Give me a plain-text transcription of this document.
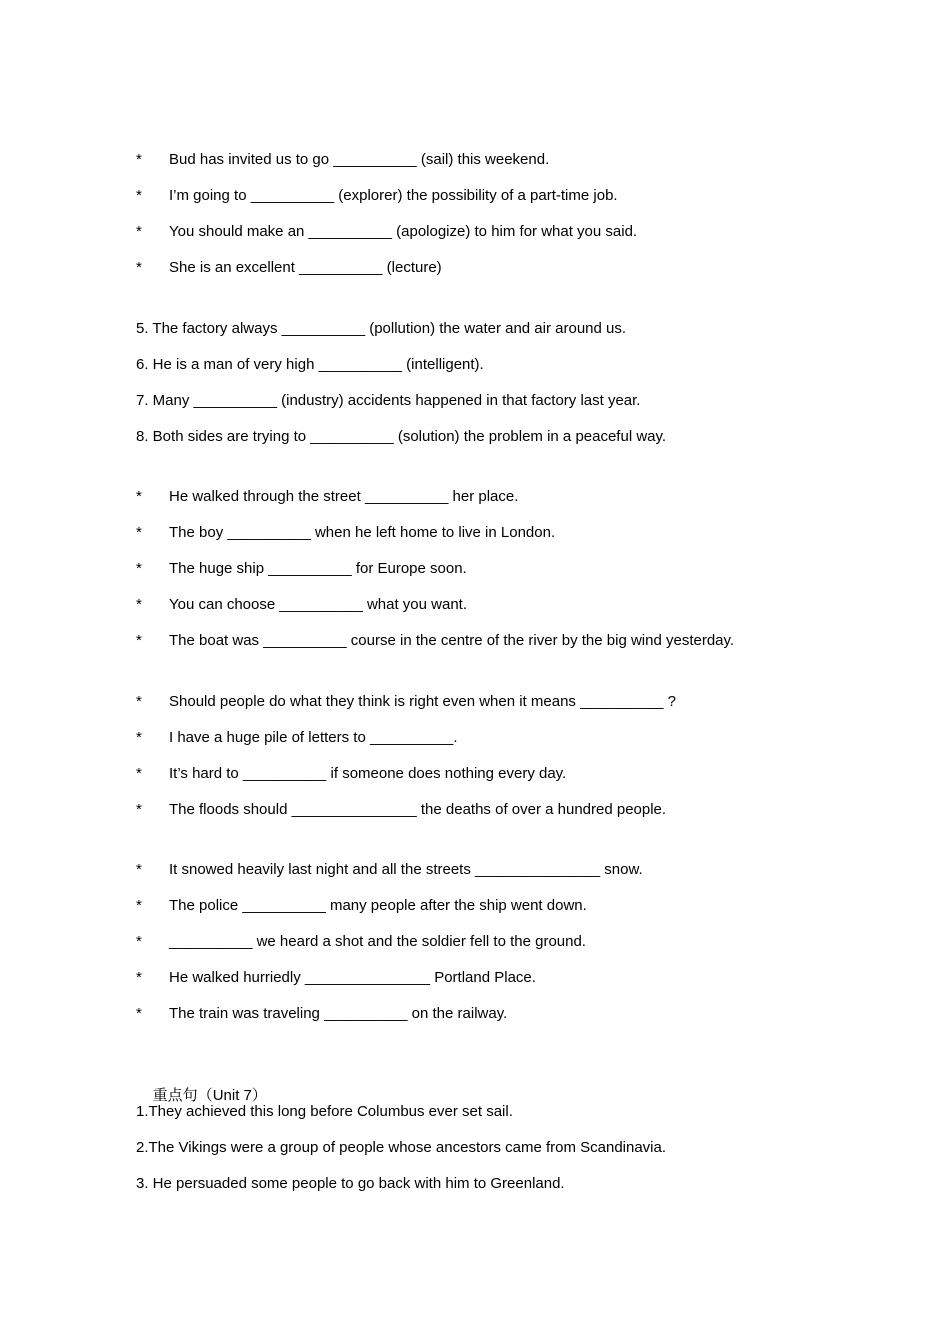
*

	Bud has invited us to go __________ (sail) this weekend.

*

	I’m going to __________ (explorer) the possibility of a part-time job.

*

	You should make an __________ (apologize) to him for what you said.

*

	She is an excellent __________ (lecture)

5. The factory always __________ (pollution) the water and air around us.
6. He is a man of very high __________ (intelligent).
7. Many __________ (industry) accidents happened in that factory last year.
8. Both sides are trying to __________ (solution) the problem in a peaceful way.

*

	He walked through the street __________ her place.

*

	The boy __________ when he left home to live in London.

*

	The huge ship __________ for Europe soon.

*

	You can choose __________ what you want.

*

	The boat was __________ course in the centre of the river by the big wind yesterday.

*

	Should people do what they think is right even when it means __________ ?

*

	I have a huge pile of letters to __________.

*

	It’s hard to __________ if someone does nothing every day.

*

	The floods should _______________ the deaths of over a hundred people.

*

	It snowed heavily last night and all the streets _______________ snow.

*

	The police __________ many people after the ship went down.

*

	__________ we heard a shot and the soldier fell to the ground.

*

	He walked hurriedly _______________ Portland Place.

*

	The train was traveling __________ on the railway.

重点句（Unit 7）

1.They achieved this long before Columbus ever set sail.
2.The Vikings were a group of people whose ancestors came from Scandinavia.
3. He persuaded some people to go back with him to Greenland.
